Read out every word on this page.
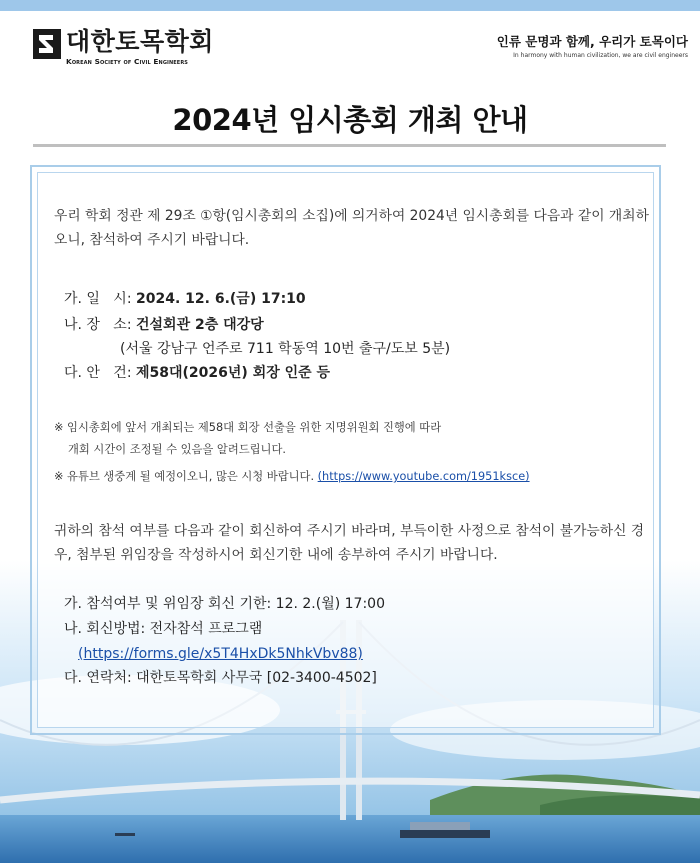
대한토목학회
Korean Society of Civil Engineers
인류 문명과 함께, 우리가 토목이다
In harmony with human civilization, we are civil engineers
2024년 임시총회 개최 안내
우리 학회 정관 제 29조 ①항(임시총회의 소집)에 의거하여 2024년 임시총회를 다음과 같이 개최하오니, 참석하여 주시기 바랍니다.
가. 일   시: 2024. 12. 6.(금) 17:10
나. 장   소: 건설회관 2층 대강당
(서울 강남구 언주로 711 학동역 10번 출구/도보 5분)
다. 안   건: 제58대(2026년) 회장 인준 등
※ 임시총회에 앞서 개최되는 제58대 회장 선출을 위한 지명위원회 진행에 따라
개회 시간이 조정될 수 있음을 알려드립니다.
※ 유튜브 생중계 될 예정이오니, 많은 시청 바랍니다. (https://www.youtube.com/1951ksce)
귀하의 참석 여부를 다음과 같이 회신하여 주시기 바라며, 부득이한 사정으로 참석이 불가능하신 경우, 첨부된 위임장을 작성하시어 회신기한 내에 송부하여 주시기 바랍니다.
가. 참석여부 및 위임장 회신 기한: 12. 2.(월) 17:00
나. 회신방법: 전자참석 프로그램
(https://forms.gle/x5T4HxDk5NhkVbv88)
다. 연락처: 대한토목학회 사무국 [02-3400-4502]
